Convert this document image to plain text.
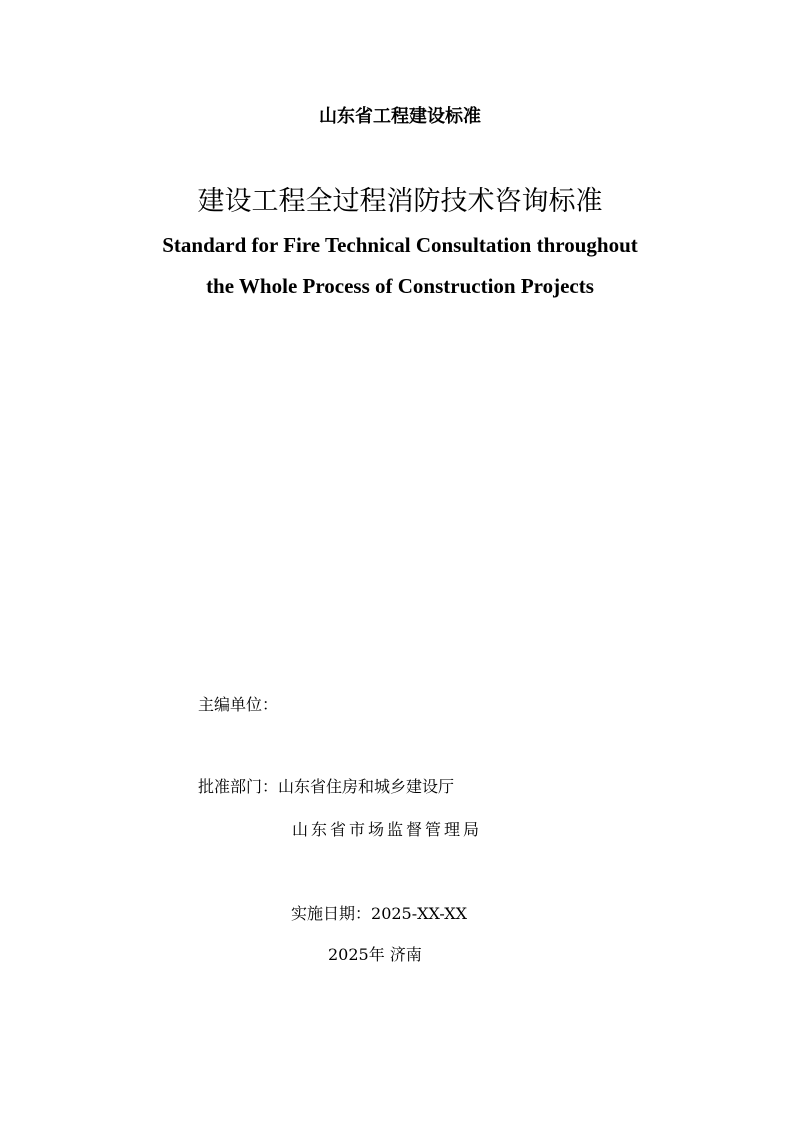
山东省工程建设标准
建设工程全过程消防技术咨询标准
Standard for Fire Technical Consultation throughout
the Whole Process of Construction Projects
主编单位：
批准部门：山东省住房和城乡建设厅
山东省市场监督管理局
实施日期：2025-XX-XX
2025年 济南
